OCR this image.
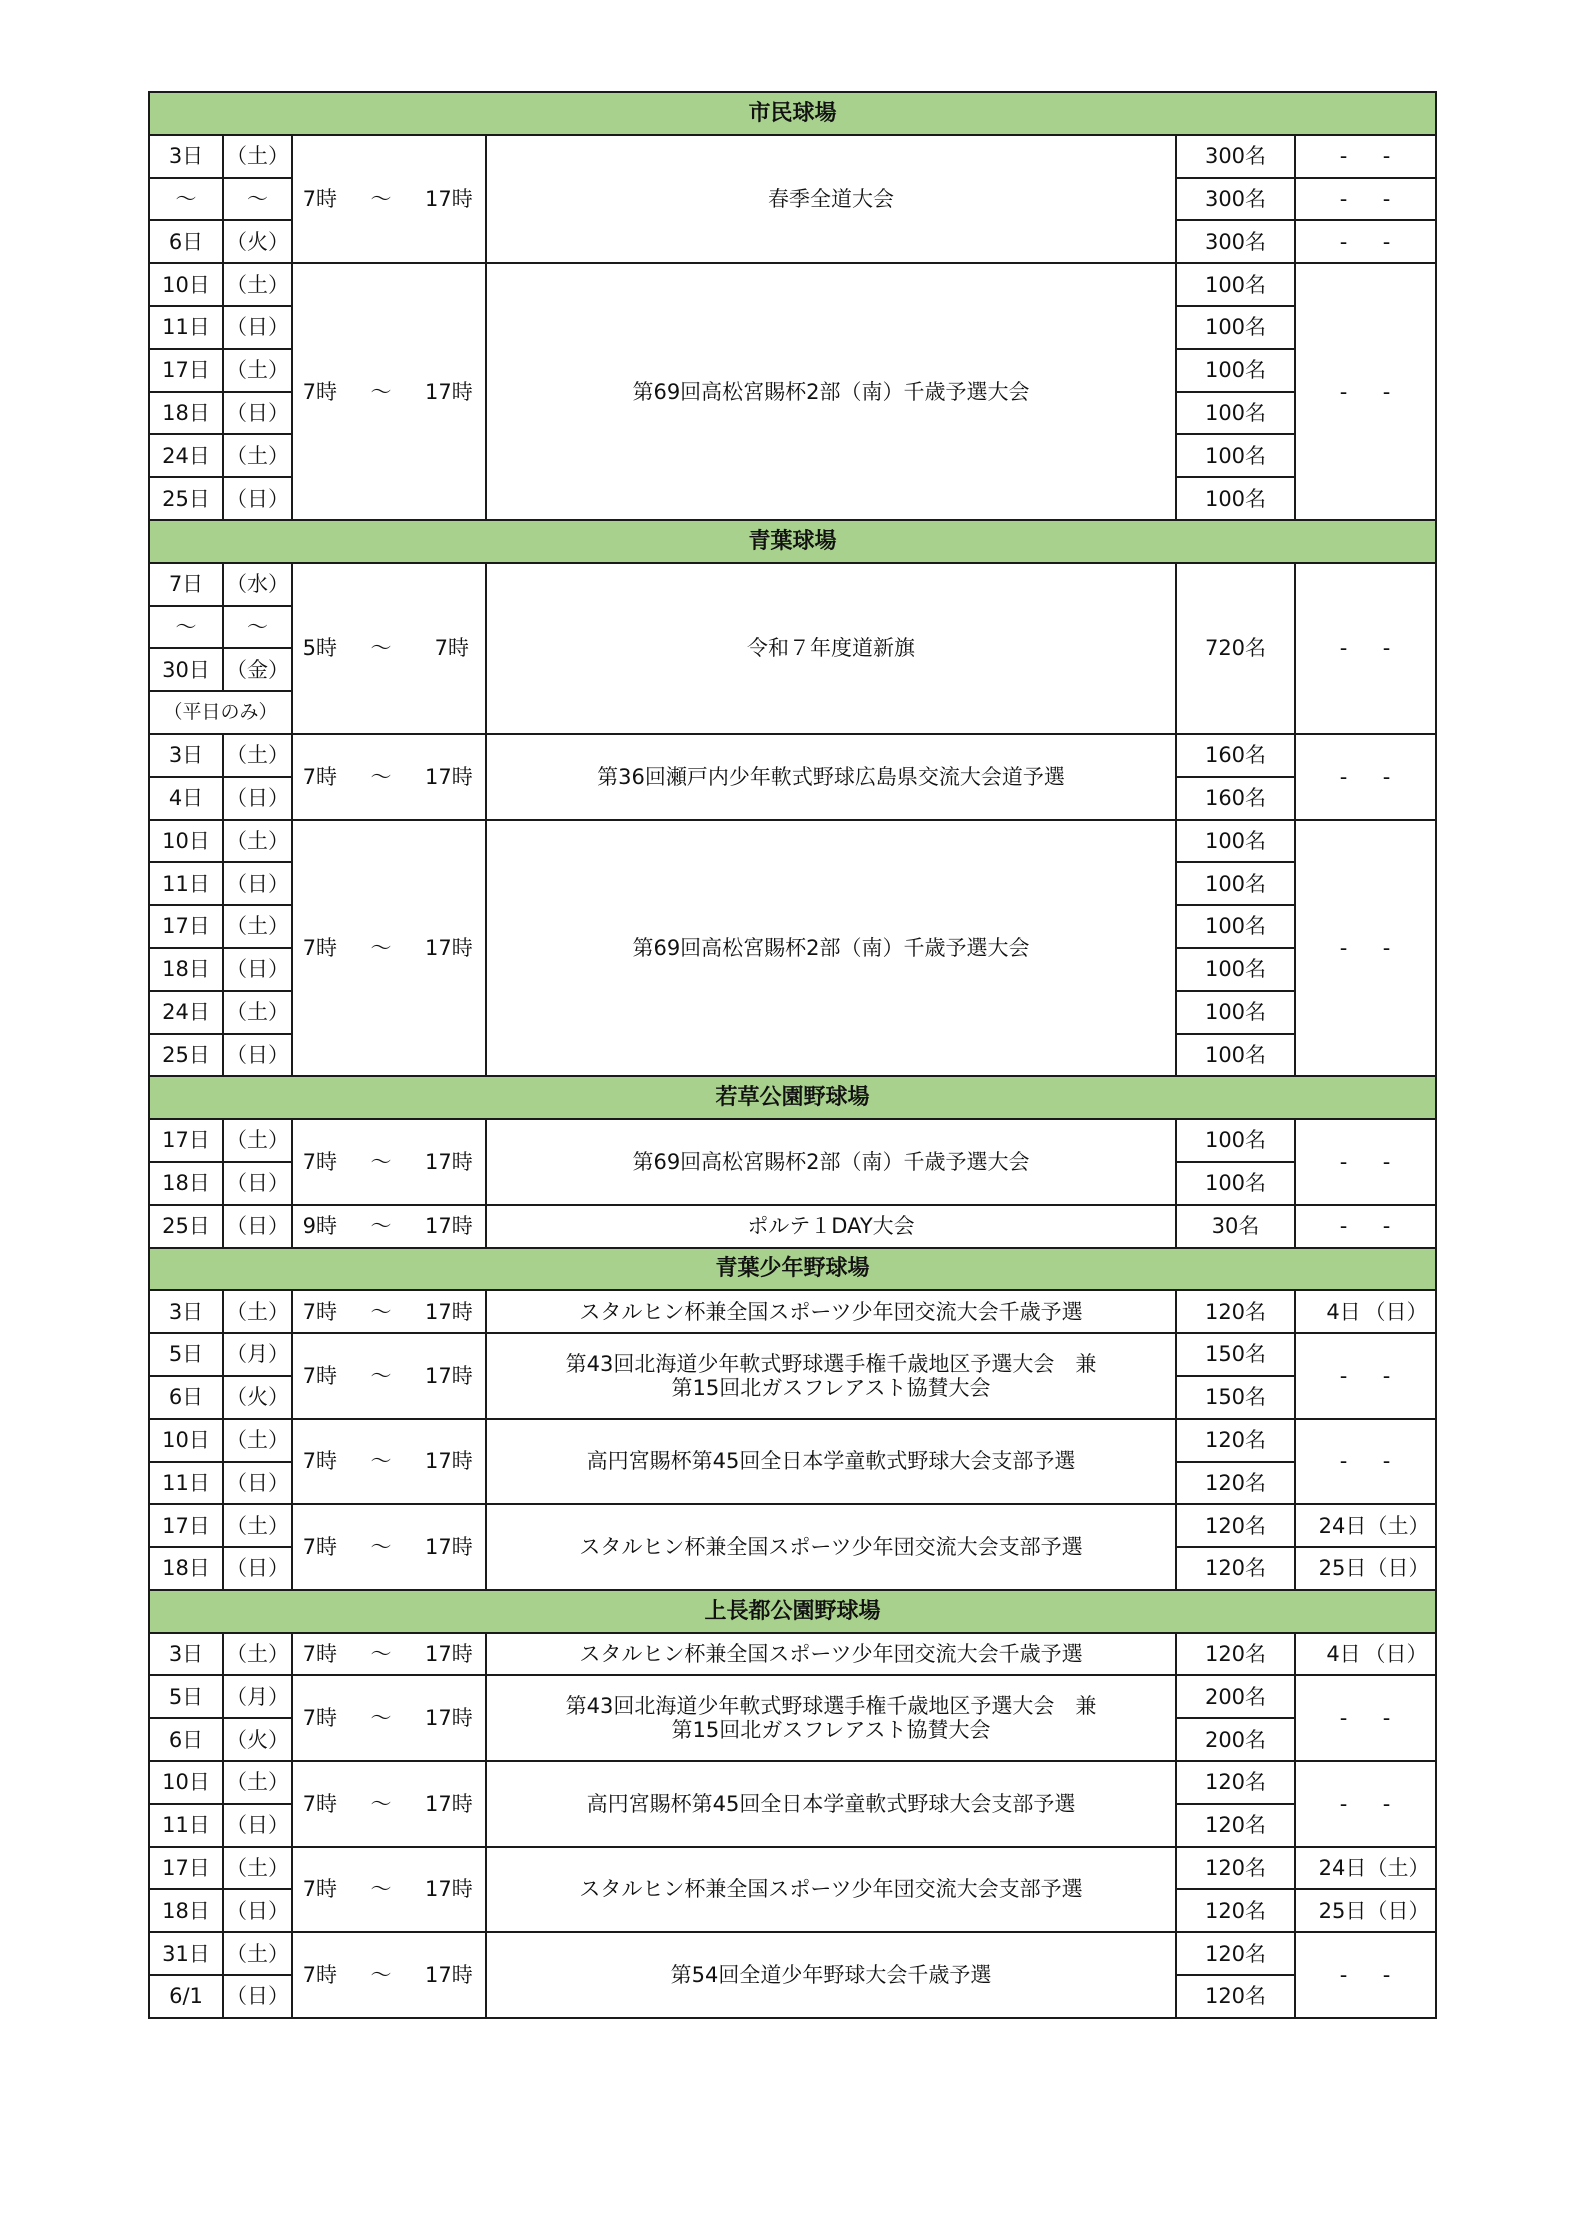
市民球場					
3日	（土）	7時 ～ 17時	春季全道大会	300名	- -
～	～			300名	- -
6日	（火）			300名	- -
10日	（土）	7時 ～ 17時	第69回高松宮賜杯2部（南）千歳予選大会	100名	- -
11日	（日）			100名	
17日	（土）			100名	
18日	（日）			100名	
24日	（土）			100名	
25日	（日）			100名	
青葉球場					
7日	（水）	5時 ～ 7時	令和７年度道新旗	720名	- -
～	～				
30日	（金）				
（平日のみ）					
3日	（土）	7時 ～ 17時	第36回瀬戸内少年軟式野球広島県交流大会道予選	160名	- -
4日	（日）			160名	
10日	（土）	7時 ～ 17時	第69回高松宮賜杯2部（南）千歳予選大会	100名	- -
11日	（日）			100名	
17日	（土）			100名	
18日	（日）			100名	
24日	（土）			100名	
25日	（日）			100名	
若草公園野球場					
17日	（土）	7時 ～ 17時	第69回高松宮賜杯2部（南）千歳予選大会	100名	- -
18日	（日）			100名	
25日	（日）	9時 ～ 17時	ポルテ１DAY大会	30名	- -
青葉少年野球場					
3日	（土）	7時 ～ 17時	スタルヒン杯兼全国スポーツ少年団交流大会千歳予選	120名	4日 （日）
5日	（月）	7時 ～ 17時	第43回北海道少年軟式野球選手権千歳地区予選大会　兼
第15回北ガスフレアスト協賛大会	150名	- -
6日	（火）			150名	
10日	（土）	7時 ～ 17時	高円宮賜杯第45回全日本学童軟式野球大会支部予選	120名	- -
11日	（日）			120名	
17日	（土）	7時 ～ 17時	スタルヒン杯兼全国スポーツ少年団交流大会支部予選	120名	24日（土）
18日	（日）			120名	25日（日）
上長都公園野球場					
3日	（土）	7時 ～ 17時	スタルヒン杯兼全国スポーツ少年団交流大会千歳予選	120名	4日 （日）
5日	（月）	7時 ～ 17時	第43回北海道少年軟式野球選手権千歳地区予選大会　兼
第15回北ガスフレアスト協賛大会	200名	- -
6日	（火）			200名	
10日	（土）	7時 ～ 17時	高円宮賜杯第45回全日本学童軟式野球大会支部予選	120名	- -
11日	（日）			120名	
17日	（土）	7時 ～ 17時	スタルヒン杯兼全国スポーツ少年団交流大会支部予選	120名	24日（土）
18日	（日）			120名	25日（日）
31日	（土）	7時 ～ 17時	第54回全道少年野球大会千歳予選	120名	- -
6/1	（日）			120名	
